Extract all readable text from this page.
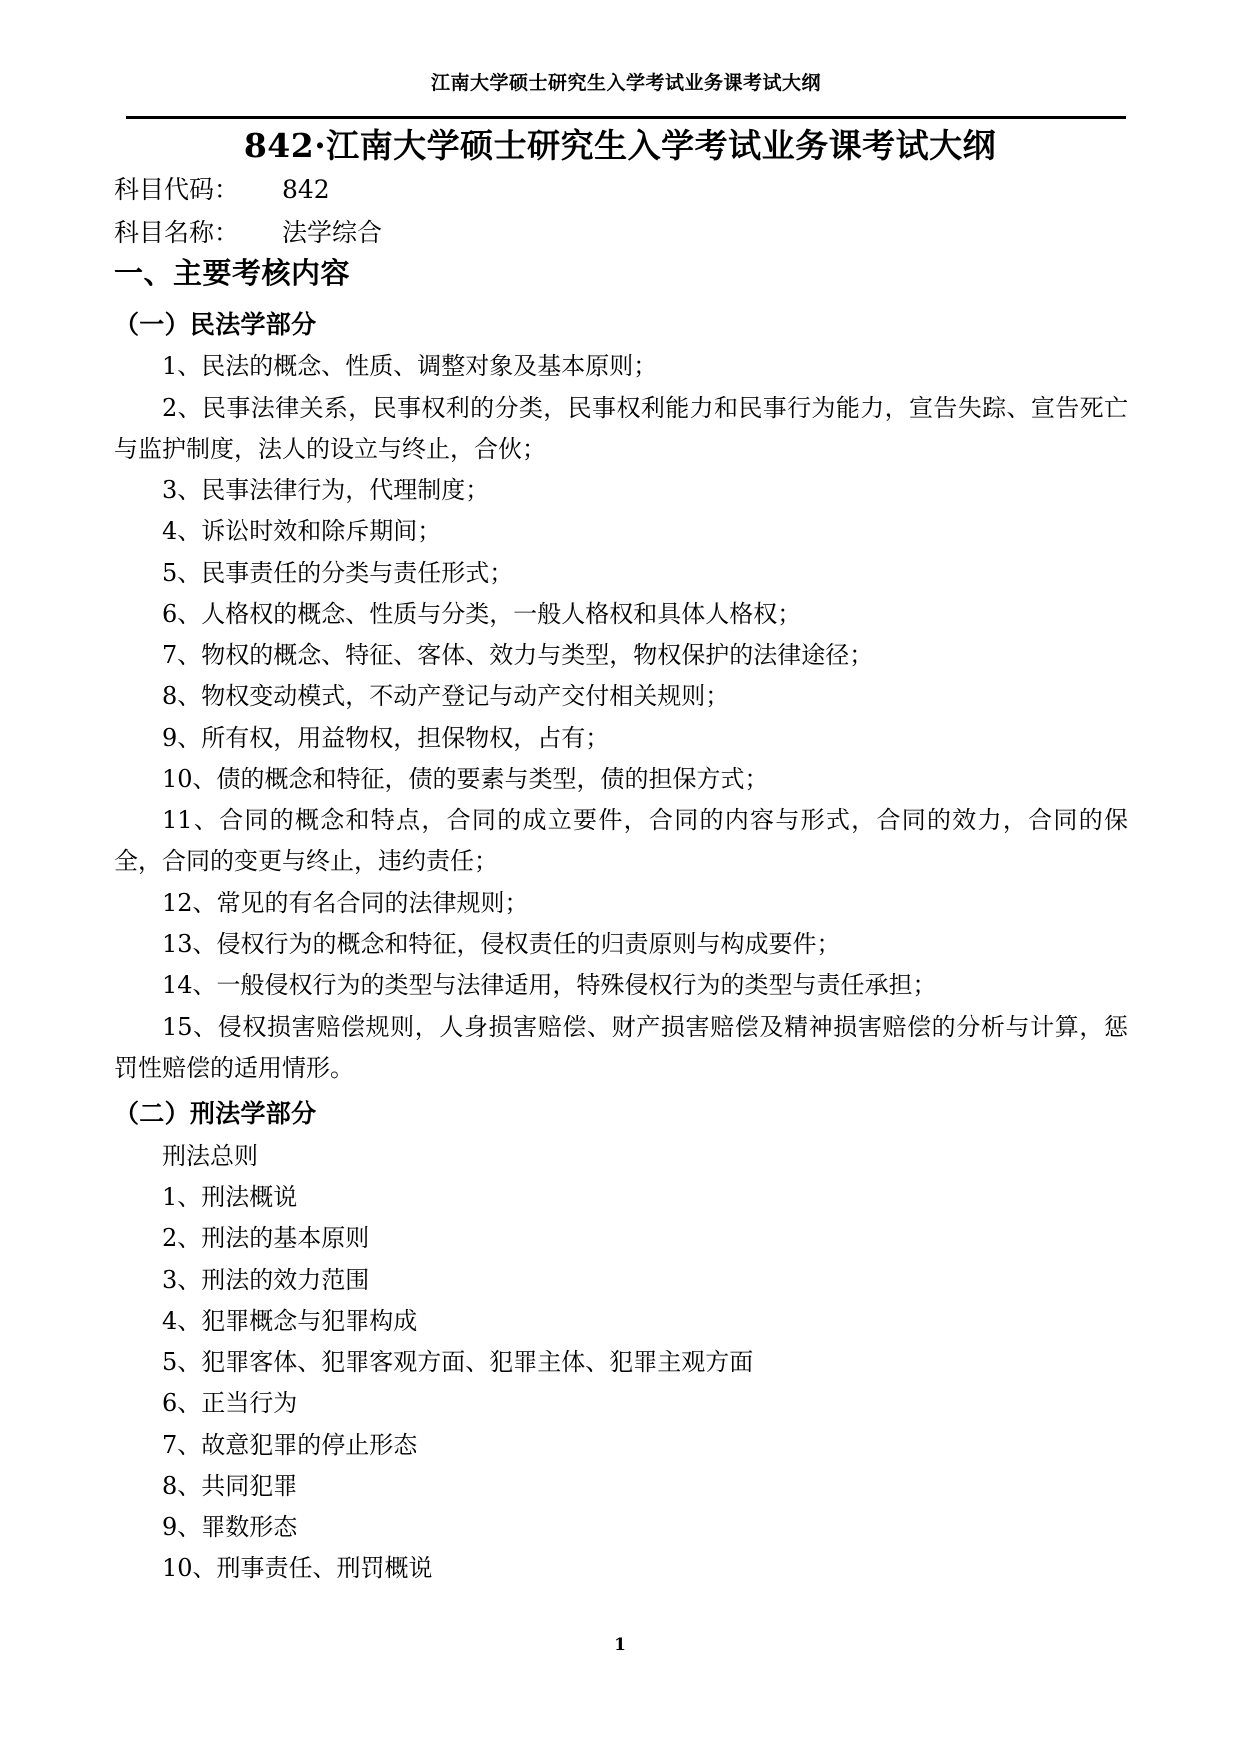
江南大学硕士研究生入学考试业务课考试大纲
842·江南大学硕士研究生入学考试业务课考试大纲
科目代码：	842
科目名称：	法学综合
一、主要考核内容
（一）民法学部分

1、民法的概念、性质、调整对象及基本原则；

2、民事法律关系，民事权利的分类，民事权利能力和民事行为能力，宣告失踪、宣告死亡与监护制度，法人的设立与终止，合伙；

3、民事法律行为，代理制度；

4、诉讼时效和除斥期间；

5、民事责任的分类与责任形式；

6、人格权的概念、性质与分类，一般人格权和具体人格权；

7、物权的概念、特征、客体、效力与类型，物权保护的法律途径；

8、物权变动模式，不动产登记与动产交付相关规则；

9、所有权，用益物权，担保物权，占有；

10、债的概念和特征，债的要素与类型，债的担保方式；

11、合同的概念和特点，合同的成立要件，合同的内容与形式，合同的效力，合同的保全，合同的变更与终止，违约责任；

12、常见的有名合同的法律规则；

13、侵权行为的概念和特征，侵权责任的归责原则与构成要件；

14、一般侵权行为的类型与法律适用，特殊侵权行为的类型与责任承担；

15、侵权损害赔偿规则，人身损害赔偿、财产损害赔偿及精神损害赔偿的分析与计算，惩罚性赔偿的适用情形。

（二）刑法学部分

刑法总则

1、刑法概说

2、刑法的基本原则

3、刑法的效力范围

4、犯罪概念与犯罪构成

5、犯罪客体、犯罪客观方面、犯罪主体、犯罪主观方面

6、正当行为

7、故意犯罪的停止形态

8、共同犯罪

9、罪数形态

10、刑事责任、刑罚概说

1
